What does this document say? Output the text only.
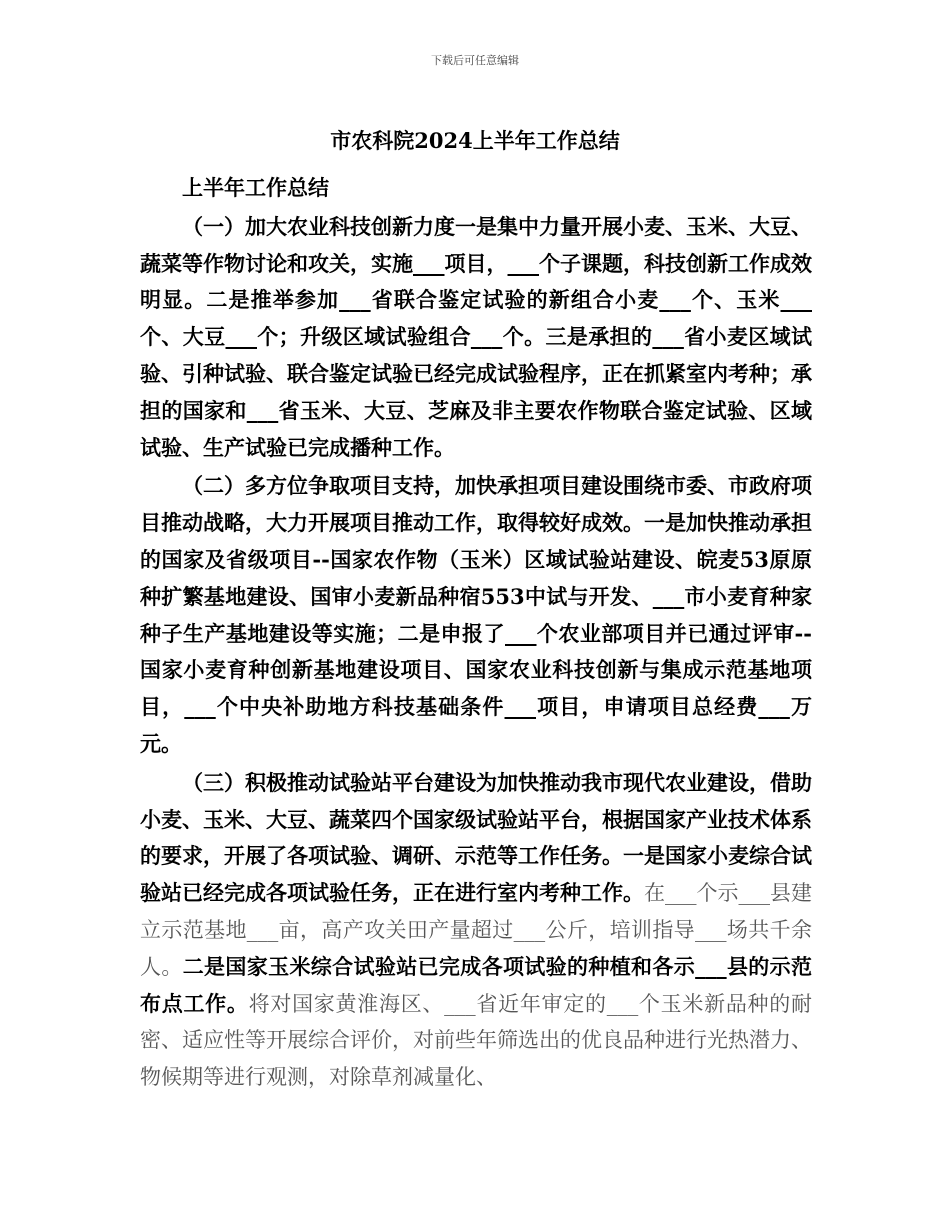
下载后可任意编辑
市农科院2024上半年工作总结

上半年工作总结

（一）加大农业科技创新力度一是集中力量开展小麦、玉米、大豆、蔬菜等作物讨论和攻关，实施___项目，___个子课题，科技创新工作成效明显。二是推举参加___省联合鉴定试验的新组合小麦___个、玉米___个、大豆___个；升级区域试验组合___个。三是承担的___省小麦区域试验、引种试验、联合鉴定试验已经完成试验程序，正在抓紧室内考种；承担的国家和___省玉米、大豆、芝麻及非主要农作物联合鉴定试验、区域试验、生产试验已完成播种工作。

（二）多方位争取项目支持，加快承担项目建设围绕市委、市政府项目推动战略，大力开展项目推动工作，取得较好成效。一是加快推动承担的国家及省级项目--国家农作物（玉米）区域试验站建设、皖麦53原原种扩繁基地建设、国审小麦新品种宿553中试与开发、___市小麦育种家种子生产基地建设等实施；二是申报了___个农业部项目并已通过评审--国家小麦育种创新基地建设项目、国家农业科技创新与集成示范基地项目，___个中央补助地方科技基础条件___项目，申请项目总经费___万元。

（三）积极推动试验站平台建设为加快推动我市现代农业建设，借助小麦、玉米、大豆、蔬菜四个国家级试验站平台，根据国家产业技术体系的要求，开展了各项试验、调研、示范等工作任务。一是国家小麦综合试验站已经完成各项试验任务，正在进行室内考种工作。在___个示___县建立示范基地___亩，高产攻关田产量超过___公斤，培训指导___场共千余人。二是国家玉米综合试验站已完成各项试验的种植和各示___县的示范布点工作。将对国家黄淮海区、___省近年审定的___个玉米新品种的耐密、适应性等开展综合评价，对前些年筛选出的优良品种进行光热潜力、物候期等进行观测，对除草剂减量化、
